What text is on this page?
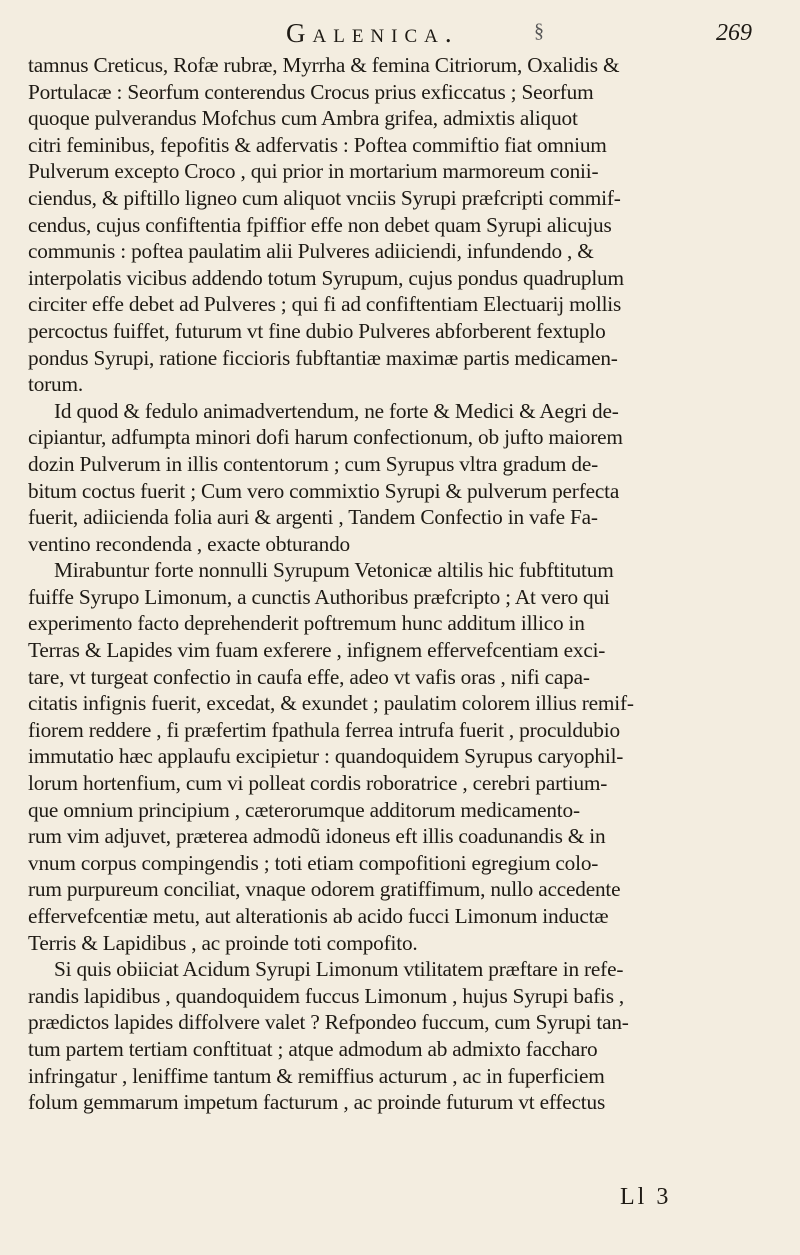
Galenica.	§	269
tamnus Creticus, Rofæ rubræ, Myrrha & femina Citriorum, Oxalidis &
Portulacæ : Seorfum conterendus Crocus prius exficcatus ; Seorfum
quoque pulverandus Mofchus cum Ambra grifea, admixtis aliquot
citri feminibus, fepofitis & adfervatis : Poftea commiftio fiat omnium
Pulverum excepto Croco , qui prior in mortarium marmoreum conii-
ciendus, & piftillo ligneo cum aliquot vnciis Syrupi præfcripti commif-
cendus, cujus confiftentia fpiffior effe non debet quam Syrupi alicujus
communis : poftea paulatim alii Pulveres adiiciendi, infundendo , &
interpolatis vicibus addendo totum Syrupum, cujus pondus quadruplum
circiter effe debet ad Pulveres ; qui fi ad confiftentiam Electuarij mollis
percoctus fuiffet, futurum vt fine dubio Pulveres abforberent fextuplo
pondus Syrupi, ratione ficcioris fubftantiæ maximæ partis medicamen-
torum.
Id quod & fedulo animadvertendum, ne forte & Medici & Aegri de-
cipiantur, adfumpta minori dofi harum confectionum, ob jufto maiorem
dozin Pulverum in illis contentorum ; cum Syrupus vltra gradum de-
bitum coctus fuerit ; Cum vero commixtio Syrupi & pulverum perfecta
fuerit, adiicienda folia auri & argenti , Tandem Confectio in vafe Fa-
ventino recondenda , exacte obturando
Mirabuntur forte nonnulli Syrupum Vetonicæ altilis hic fubftitutum
fuiffe Syrupo Limonum, a cunctis Authoribus præfcripto ; At vero qui
experimento facto deprehenderit poftremum hunc additum illico in
Terras & Lapides vim fuam exferere , infignem effervefcentiam exci-
tare, vt turgeat confectio in caufa effe, adeo vt vafis oras , nifi capa-
citatis infignis fuerit, excedat, & exundet ; paulatim colorem illius remif-
fiorem reddere , fi præfertim fpathula ferrea intrufa fuerit , proculdubio
immutatio hæc applaufu excipietur : quandoquidem Syrupus caryophil-
lorum hortenfium, cum vi polleat cordis roboratrice , cerebri partium-
que omnium principium , cæterorumque additorum medicamento-
rum vim adjuvet, præterea admodũ idoneus eft illis coadunandis & in
vnum corpus compingendis ; toti etiam compofitioni egregium colo-
rum purpureum conciliat, vnaque odorem gratiffimum, nullo accedente
effervefcentiæ metu, aut alterationis ab acido fucci Limonum inductæ
Terris & Lapidibus , ac proinde toti compofito.
Si quis obiiciat Acidum Syrupi Limonum vtilitatem præftare in refe-
randis lapidibus , quandoquidem fuccus Limonum , hujus Syrupi bafis ,
prædictos lapides diffolvere valet ? Refpondeo fuccum, cum Syrupi tan-
tum partem tertiam conftituat ; atque admodum ab admixto faccharo
infringatur , leniffime tantum & remiffius acturum , ac in fuperficiem
folum gemmarum impetum facturum , ac proinde futurum vt effectus
Ll 3
